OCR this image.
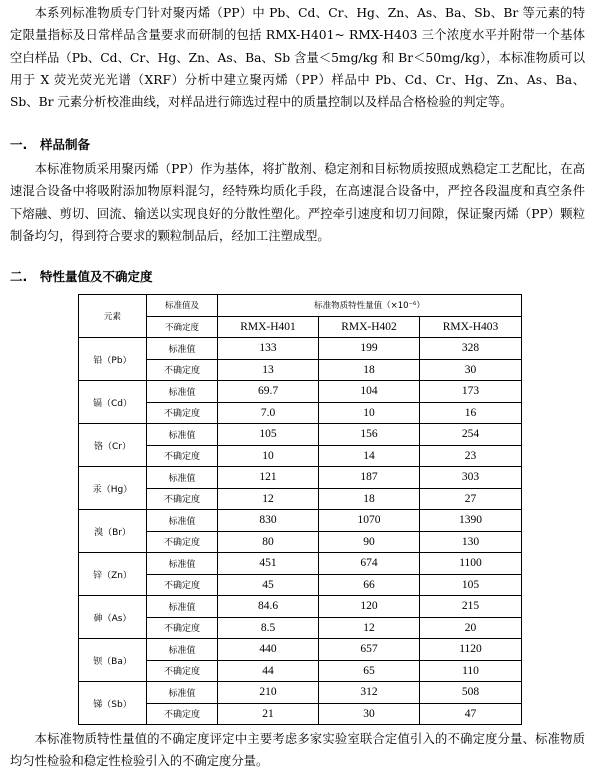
本系列标准物质专门针对聚丙烯（PP）中 Pb、Cd、Cr、Hg、Zn、As、Ba、Sb、Br 等元素的特定限量指标及日常样品含量要求而研制的包括 RMX-H401~ RMX-H403 三个浓度水平并附带一个基体空白样品（Pb、Cd、Cr、Hg、Zn、As、Ba、Sb 含量＜5mg/kg 和 Br＜50mg/kg），本标准物质可以用于 X 荧光荧光光谱（XRF）分析中建立聚丙烯（PP）样品中 Pb、Cd、Cr、Hg、Zn、As、Ba、Sb、Br 元素分析校准曲线，对样品进行筛选过程中的质量控制以及样品合格检验的判定等。
一. 样品制备
本标准物质采用聚丙烯（PP）作为基体，将扩散剂、稳定剂和目标物质按照成熟稳定工艺配比，在高速混合设备中将吸附添加物原料混匀，经特殊均质化手段，在高速混合设备中，严控各段温度和真空条件下熔融、剪切、回流、输送以实现良好的分散性塑化。严控牵引速度和切刀间隙，保证聚丙烯（PP）颗粒制备均匀，得到符合要求的颗粒制品后，经加工注塑成型。
二. 特性量值及不确定度
元素	标准值及	标准物质特性量值（×10⁻⁶）		
	不确定度	RMX-H401	RMX-H402	RMX-H403
铅（Pb）	标准值	133	199	328
	不确定度	13	18	30
镉（Cd）	标准值	69.7	104	173
	不确定度	7.0	10	16
铬（Cr）	标准值	105	156	254
	不确定度	10	14	23
汞（Hg）	标准值	121	187	303
	不确定度	12	18	27
溴（Br）	标准值	830	1070	1390
	不确定度	80	90	130
锌（Zn）	标准值	451	674	1100
	不确定度	45	66	105
砷（As）	标准值	84.6	120	215
	不确定度	8.5	12	20
钡（Ba）	标准值	440	657	1120
	不确定度	44	65	110
锑（Sb）	标准值	210	312	508
	不确定度	21	30	47
本标准物质特性量值的不确定度评定中主要考虑多家实验室联合定值引入的不确定度分量、标准物质均匀性检验和稳定性检验引入的不确定度分量。
